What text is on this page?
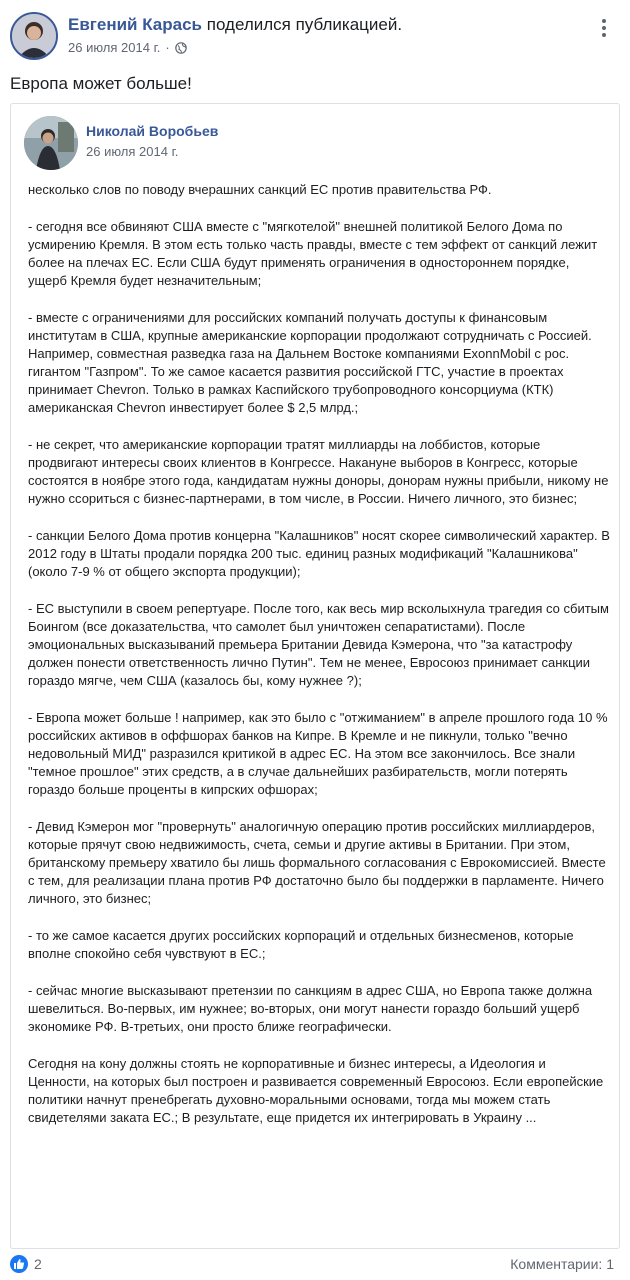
Евгений Карась поделился публикацией.
26 июля 2014 г. ·
Европа может больше!
Николай Воробьев
26 июля 2014 г.

несколько слов по поводу вчерашних санкций ЕС против правительства РФ.

- сегодня все обвиняют США вместе с "мягкотелой" внешней политикой Белого Дома по усмирению Кремля. В этом есть только часть правды, вместе с тем эффект от санкций лежит более на плечах ЕС. Если США будут применять ограничения в одностороннем порядке, ущерб Кремля будет незначительным;

- вместе с ограничениями для российских компаний получать доступы к финансовым институтам в США, крупные американские корпорации продолжают сотрудничать с Россией. Например, совместная разведка газа на Дальнем Востоке компаниями ExonnMobil с рос. гигантом "Газпром". То же самое касается развития российской ГТС, участие в проектах принимает Chevron. Только в рамках Каспийского трубопроводного консорциума (КТК) американская Chevron инвестирует более $ 2,5 млрд.;

- не секрет, что американские корпорации тратят миллиарды на лоббистов, которые продвигают интересы своих клиентов в Конгрессе. Накануне выборов в Конгресс, которые состоятся в ноябре этого года, кандидатам нужны доноры, донорам нужны прибыли, никому не нужно ссориться с бизнес-партнерами, в том числе, в России. Ничего личного, это бизнес;

- санкции Белого Дома против концерна "Калашников" носят скорее символический характер. В 2012 году в Штаты продали порядка 200 тыс. единиц разных модификаций "Калашникова" (около 7-9 % от общего экспорта продукции);

- ЕС выступили в своем репертуаре. После того, как весь мир всколыхнула трагедия со сбитым Боингом (все доказательства, что самолет был уничтожен сепаратистами). После эмоциональных высказываний премьера Британии Девида Кэмерона, что "за катастрофу должен понести ответственность лично Путин". Тем не менее, Евросоюз принимает санкции гораздо мягче, чем США (казалось бы, кому нужнее ?);

- Европа может больше ! например, как это было с "отжиманием" в апреле прошлого года 10 % российских активов в оффшорах банков на Кипре. В Кремле и не пикнули, только "вечно недовольный МИД" разразился критикой в адрес ЕС. На этом все закончилось. Все знали "темное прошлое" этих средств, а в случае дальнейших разбирательств, могли потерять гораздо больше проценты в кипрских офшорах;

- Девид Кэмерон мог "провернуть" аналогичную операцию против российских миллиардеров, которые прячут свою недвижимость, счета, семьи и другие активы в Британии. При этом, британскому премьеру хватило бы лишь формального согласования с Еврокомиссией. Вместе с тем, для реализации плана против РФ достаточно было бы поддержки в парламенте. Ничего личного, это бизнес;

- то же самое касается других российских корпораций и отдельных бизнесменов, которые вполне спокойно себя чувствуют в ЕС.;

- сейчас многие высказывают претензии по санкциям в адрес США, но Европа также должна шевелиться. Во-первых, им нужнее; во-вторых, они могут нанести гораздо больший ущерб экономике РФ. В-третьих, они просто ближе географически.

Сегодня на кону должны стоять не корпоративные и бизнес интересы, а Идеология и Ценности, на которых был построен и развивается современный Евросоюз. Если европейские политики начнут пренебрегать духовно-моральными основами, тогда мы можем стать свидетелями заката ЕС.; В результате, еще придется их интегрировать в Украину ...

2	Комментарии: 1
